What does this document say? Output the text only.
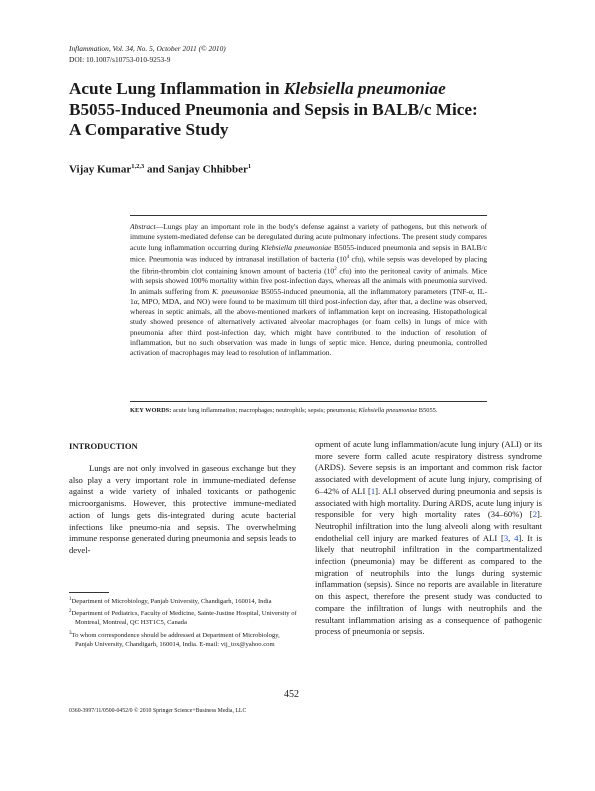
Inflammation, Vol. 34, No. 5, October 2011 (© 2010)
DOI: 10.1007/s10753-010-9253-9
Acute Lung Inflammation in Klebsiella pneumoniae
B5055-Induced Pneumonia and Sepsis in BALB/c Mice:
A Comparative Study
Vijay Kumar$^{1,2,3}$ and Sanjay Chhibber$^1$

Abstract—Lungs play an important role in the body's defense against a variety of pathogens, but this network of immune system-mediated defense can be deregulated during acute pulmonary infections. The present study compares acute lung inflammation occurring during Klebsiella pneumoniae B5055-induced pneumonia and sepsis in BALB/c mice. Pneumonia was induced by intranasal instillation of bacteria ($10^4$ cfu), while sepsis was developed by placing the fibrin-thrombin clot containing known amount of bacteria ($10^2$ cfu) into the peritoneal cavity of animals. Mice with sepsis showed 100% mortality within five post-infection days, whereas all the animals with pneumonia survived. In animals suffering from K. pneumoniae B5055-induced pneumonia, all the inflammatory parameters (TNF-α, IL-1α, MPO, MDA, and NO) were found to be maximum till third post-infection day, after that, a decline was observed, whereas in septic animals, all the above-mentioned markers of inflammation kept on increasing. Histopathological study showed presence of alternatively activated alveolar macrophages (or foam cells) in lungs of mice with pneumonia after third post-infection day, which might have contributed to the induction of resolution of inflammation, but no such observation was made in lungs of septic mice. Hence, during pneumonia, controlled activation of macrophages may lead to resolution of inflammation.

KEY WORDS: acute lung inflammation; macrophages; neutrophils; sepsis; pneumonia; Klebsiella pneumoniae B5055.
INTRODUCTION

Lungs are not only involved in gaseous exchange but they also play a very important role in immune-mediated defense against a wide variety of inhaled toxicants or pathogenic microorganisms. However, this protective immune-mediated action of lungs gets dis-integrated during acute bacterial infections like pneumo-nia and sepsis. The overwhelming immune response generated during pneumonia and sepsis leads to devel-

opment of acute lung inflammation/acute lung injury (ALI) or its more severe form called acute respiratory distress syndrome (ARDS). Severe sepsis is an important and common risk factor associated with development of acute lung injury, comprising of 6–42% of ALI [1]. ALI observed during pneumonia and sepsis is associated with high mortality. During ARDS, acute lung injury is responsible for very high mortality rates (34–60%) [2]. Neutrophil infiltration into the lung alveoli along with resultant endothelial cell injury are marked features of ALI [3, 4]. It is likely that neutrophil infiltration in the compartmentalized infection (pneumonia) may be different as compared to the migration of neutrophils into the lungs during systemic inflammation (sepsis). Since no reports are available in literature on this aspect, therefore the present study was conducted to compare the infiltration of lungs with neutrophils and the resultant inflammation arising as a consequence of pathogenic process of pneumonia or sepsis.

$^1$Department of Microbiology, Panjab University, Chandigarh, 160014, India
$^2$Department of Pediatrics, Faculty of Medicine, Sainte-Justine Hospital, University of Montreal, Montreal, QC H3T1C5, Canada
$^3$To whom correspondence should be addressed at Department of Microbiology, Panjab University, Chandigarh, 160014, India. E-mail: vij_tox@yahoo.com
452
0360-3997/11/0500-0452/0 © 2010 Springer Science+Business Media, LLC
